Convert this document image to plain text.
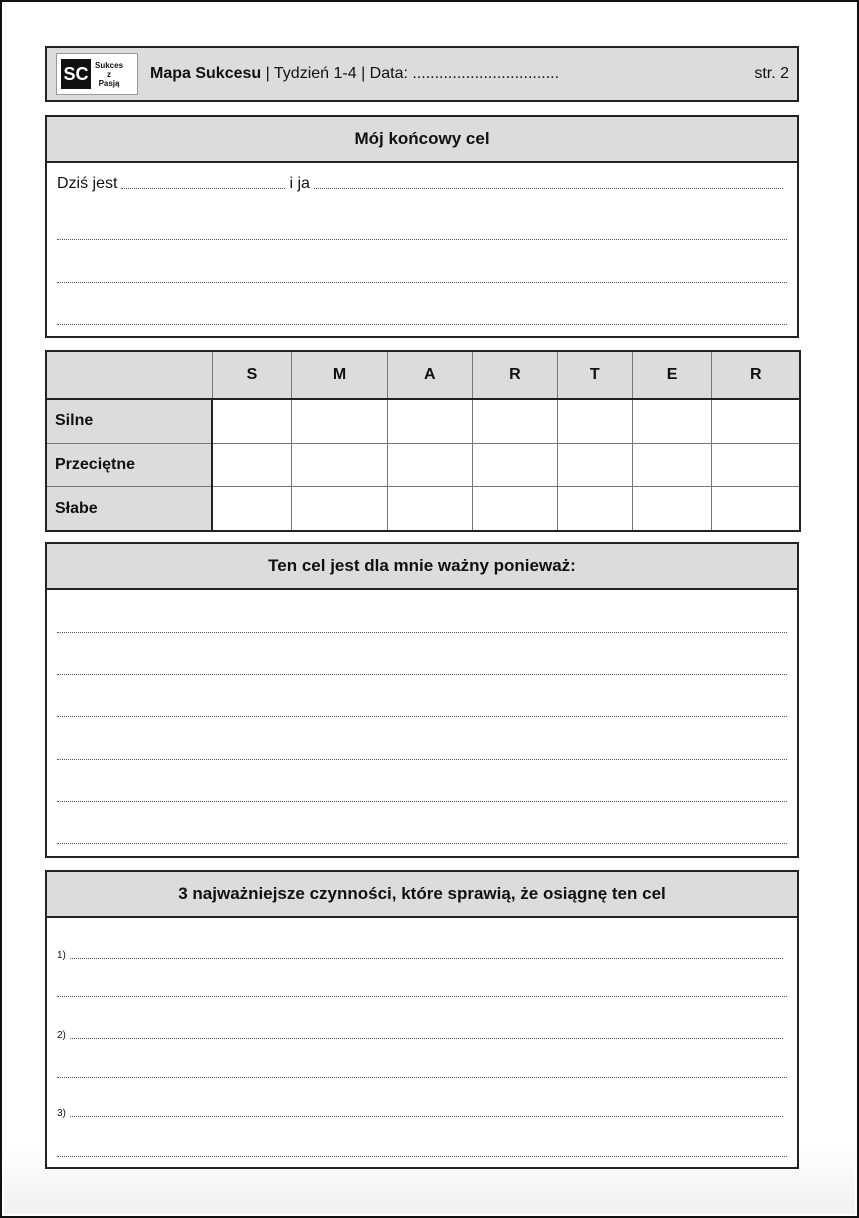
SC Sukces
z
Pasją
Mapa Sukcesu | Tydzień 1-4 | Data: .................................	str. 2
Mój końcowy cel
Dziś jest	i ja
	S	M	A	R	T	E	R
Silne							
Przeciętne							
Słabe							
Ten cel jest dla mnie ważny ponieważ:
3 najważniejsze czynności, które sprawią, że osiągnę ten cel
1)
2)
3)
